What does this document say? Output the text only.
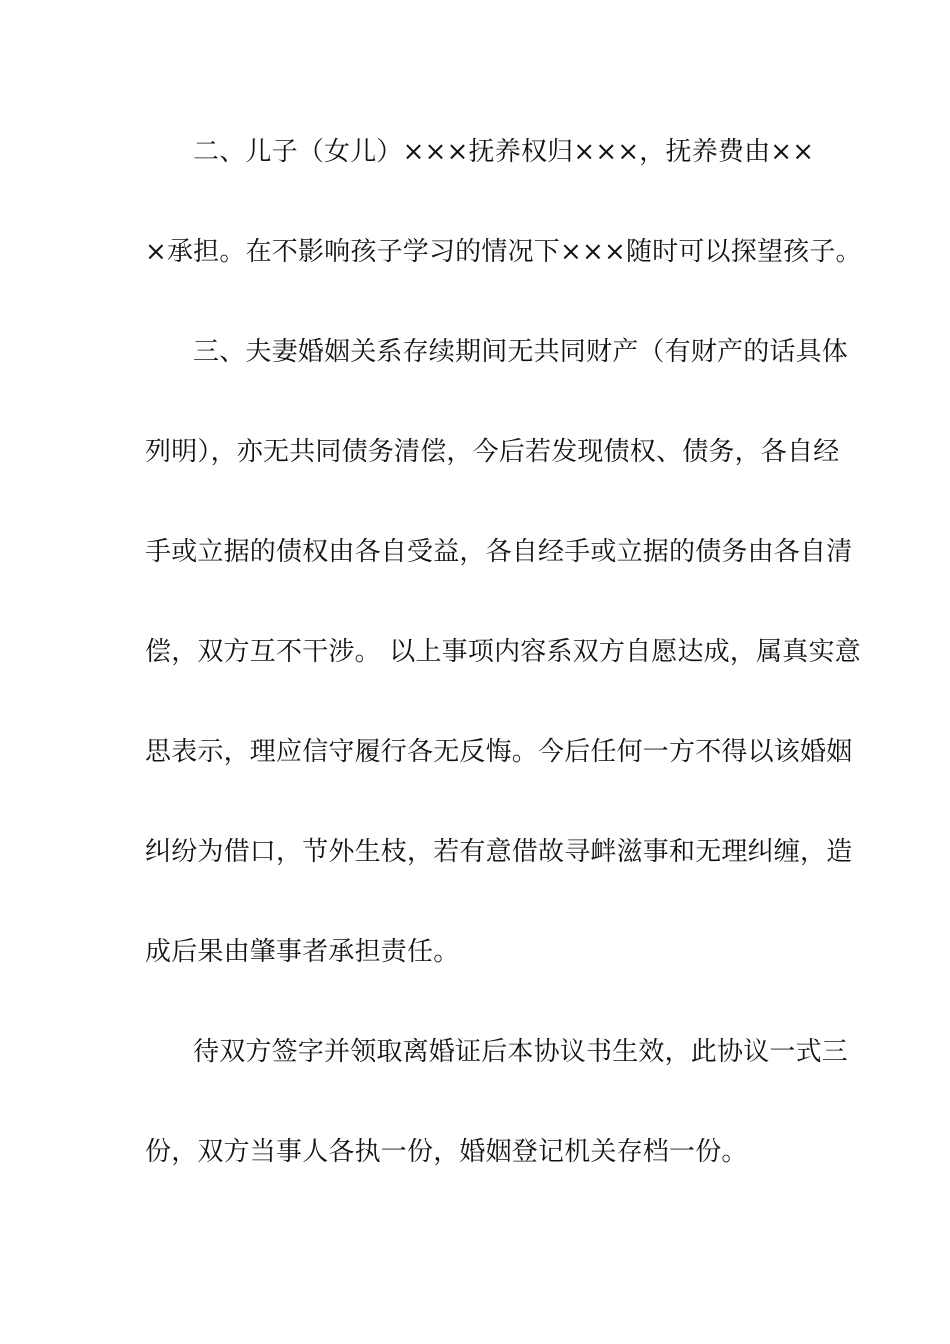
二、儿子（女儿）×××抚养权归×××，抚养费由××
×承担。在不影响孩子学习的情况下×××随时可以探望孩子。
三、夫妻婚姻关系存续期间无共同财产（有财产的话具体
列明），亦无共同债务清偿，今后若发现债权、债务，各自经
手或立据的债权由各自受益，各自经手或立据的债务由各自清
偿，双方互不干涉。 以上事项内容系双方自愿达成，属真实意
思表示，理应信守履行各无反悔。今后任何一方不得以该婚姻
纠纷为借口，节外生枝，若有意借故寻衅滋事和无理纠缠，造
成后果由肇事者承担责任。
待双方签字并领取离婚证后本协议书生效，此协议一式三
份，双方当事人各执一份，婚姻登记机关存档一份。
